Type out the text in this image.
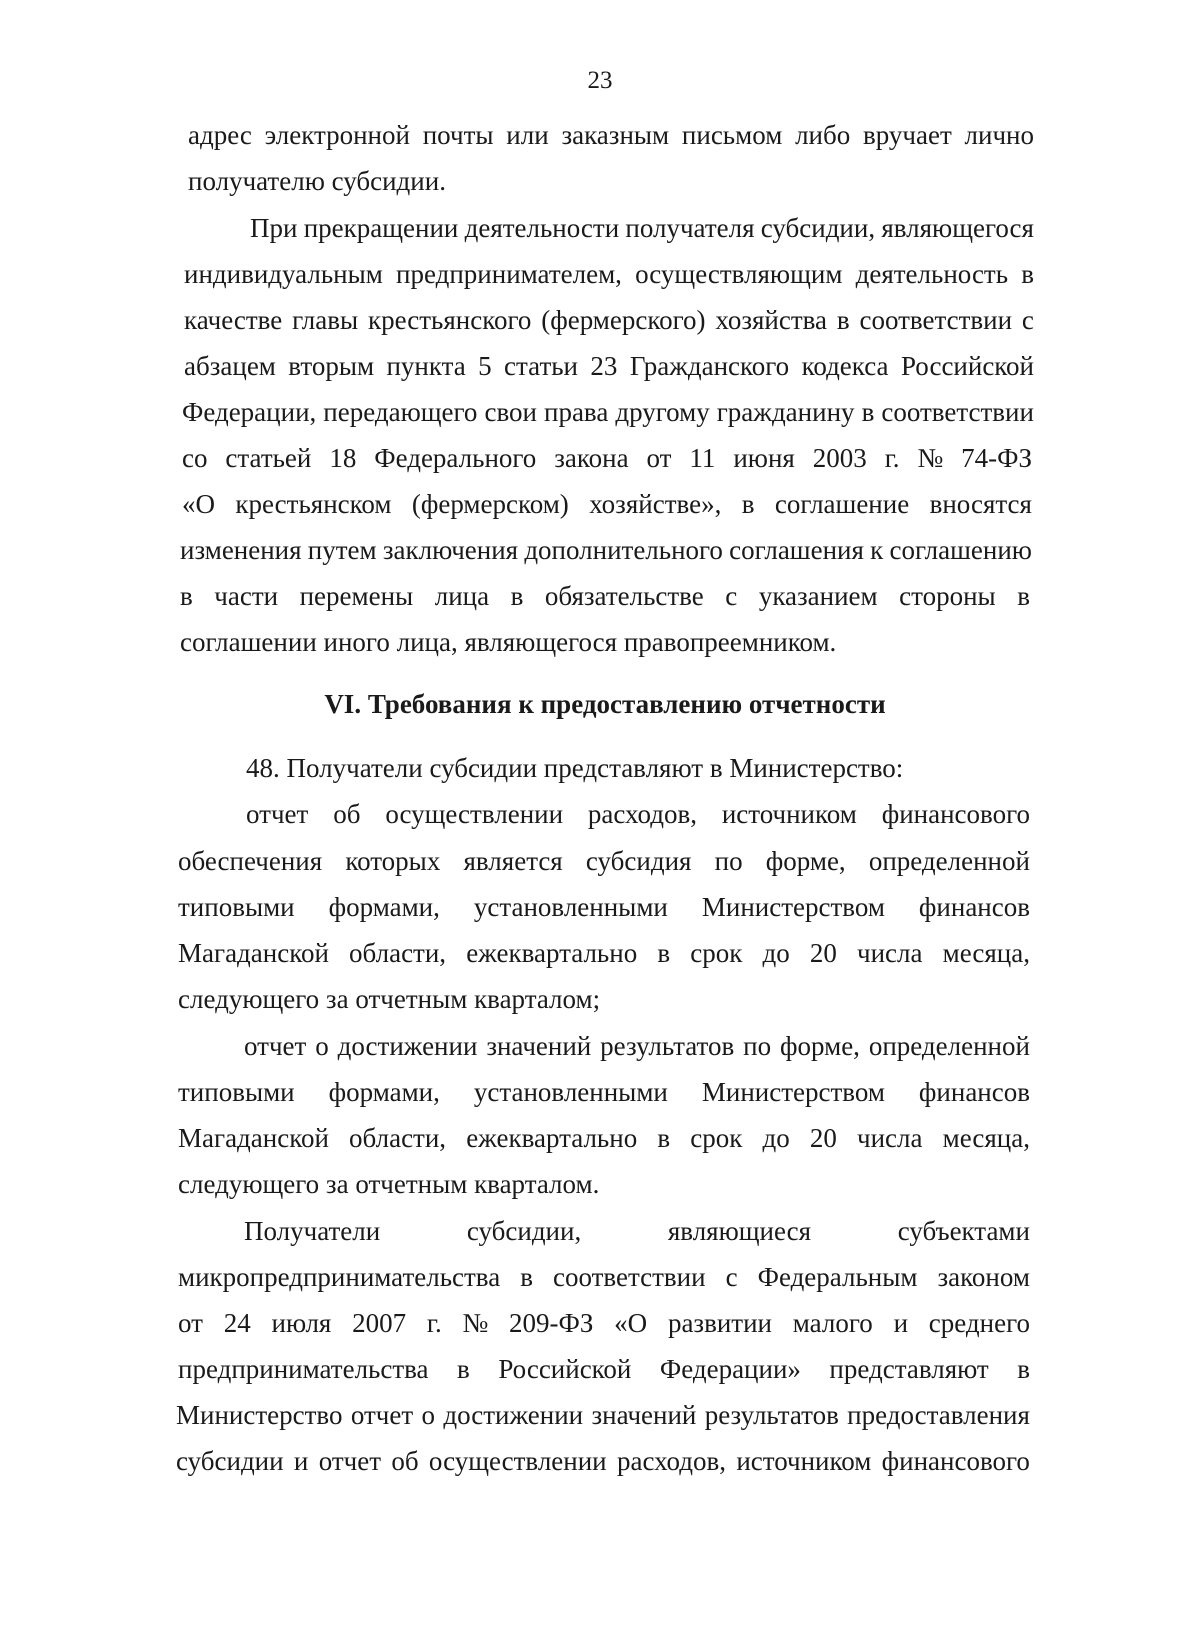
23
адрес электронной почты или заказным письмом либо вручает лично
получателю субсидии.
При прекращении деятельности получателя субсидии, являющегося
индивидуальным предпринимателем, осуществляющим деятельность в
качестве главы крестьянского (фермерского) хозяйства в соответствии с
абзацем вторым пункта 5 статьи 23 Гражданского кодекса Российской
Федерации, передающего свои права другому гражданину в соответствии
со статьей 18 Федерального закона от 11 июня 2003 г. № 74-ФЗ
«О крестьянском (фермерском) хозяйстве», в соглашение вносятся
изменения путем заключения дополнительного соглашения к соглашению
в части перемены лица в обязательстве с указанием стороны в
соглашении иного лица, являющегося правопреемником.
VI. Требования к предоставлению отчетности
48. Получатели субсидии представляют в Министерство:
отчет об осуществлении расходов, источником финансового
обеспечения которых является субсидия по форме, определенной
типовыми формами, установленными Министерством финансов
Магаданской области, ежеквартально в срок до 20 числа месяца,
следующего за отчетным кварталом;
отчет о достижении значений результатов по форме, определенной
типовыми формами, установленными Министерством финансов
Магаданской области, ежеквартально в срок до 20 числа месяца,
следующего за отчетным кварталом.
Получатели	субсидии,	являющиеся	субъектами
микропредпринимательства в соответствии с Федеральным законом
от 24 июля 2007 г. № 209-ФЗ «О развитии малого и среднего
предпринимательства в Российской Федерации» представляют в
Министерство отчет о достижении значений результатов предоставления
субсидии и отчет об осуществлении расходов, источником финансового
